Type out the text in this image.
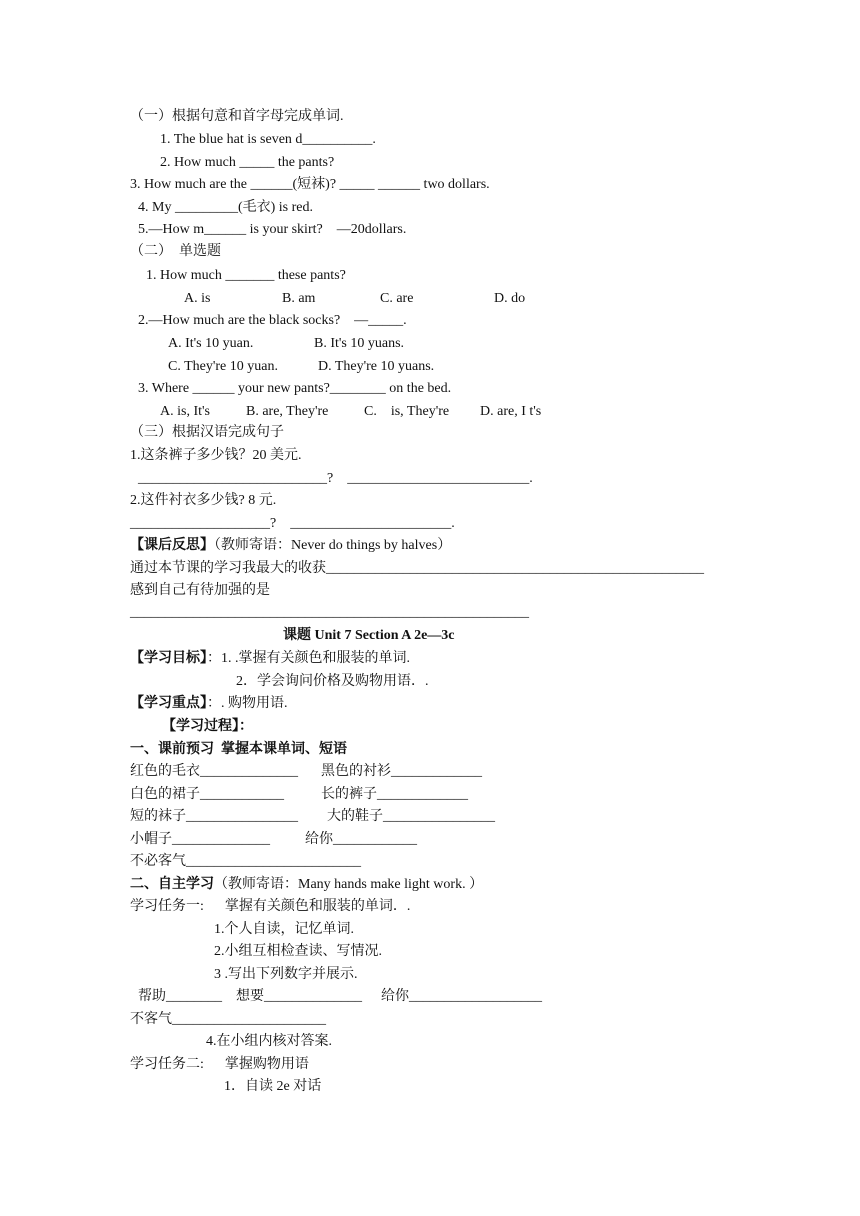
（一）根据句意和首字母完成单词.
1. The blue hat is seven d__________.
2. How much _____ the pants?
3. How much are the ______(短袜)? _____ ______ two dollars.
4. My _________(毛衣) is red.
5.—How m______ is your skirt?    —20dollars.
（二）  单选题
1. How much _______ these pants?
A. is	B. am	C. are	D. do
2.—How much are the black socks?    —_____.
A. It's 10 yuan.	B. It's 10 yuans.
C. They're 10 yuan.	D. They're 10 yuans.
3. Where ______ your new pants?________ on the bed.
A. is, It's	B. are, They're	C.    is, They're D. are, I t's
（三）根据汉语完成句子
1.这条裤子多少钱？20 美元.
___________________________?    __________________________.
2.这件衬衣多少钱? 8 元.
____________________?    _______________________.
【课后反思】（教师寄语：Never do things by halves）
通过本节课的学习我最大的收获______________________________________________________
感到自己有待加强的是
_________________________________________________________
课题 Unit 7 Section A 2e—3c
【学习目标】：1. .掌握有关颜色和服装的单词.
2．学会询问价格及购物用语．.
【学习重点】：. 购物用语.
【学习过程】：
一、课前预习  掌握本课单词、短语
红色的毛衣______________ 黑色的衬衫_____________
白色的裙子____________	长的裤子_____________
短的袜子________________ 大的鞋子________________
小帽子______________	给你____________
不必客气_________________________
二、自主学习（教师寄语：Many hands make light work. ）
学习任务一:      掌握有关颜色和服装的单词．.
1.个人自读，记忆单词.
2.小组互相检查读、写情况.
3 .写出下列数字并展示.
帮助________ 想要______________ 给你___________________
不客气______________________
4.在小组内核对答案.
学习任务二:      掌握购物用语
1．自读 2e 对话
